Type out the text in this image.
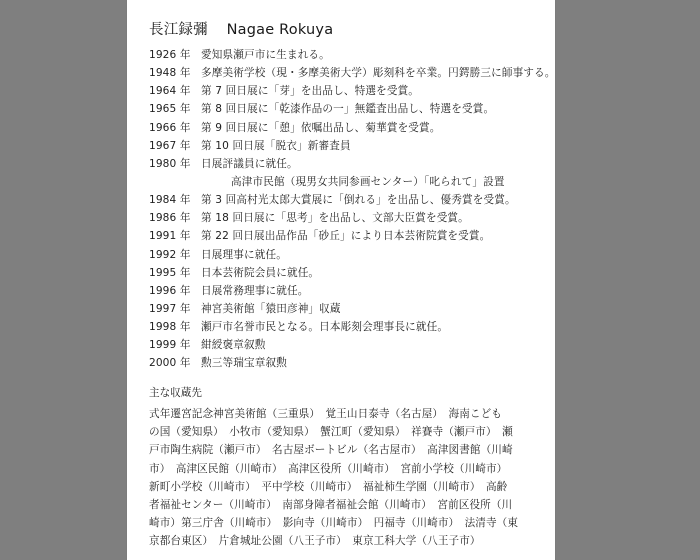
長江録彌 Nagae Rokuya
1926 年 愛知県瀬戸市に生まれる。
1948 年 多摩美術学校（現・多摩美術大学）彫刻科を卒業。円鍔勝三に師事する。
1964 年 第 7 回日展に「芽」を出品し、特選を受賞。
1965 年 第 8 回日展に「乾漆作品の一」無鑑査出品し、特選を受賞。
1966 年 第 9 回日展に「憩」依嘱出品し、菊華賞を受賞。
1967 年 第 10 回日展「脱衣」新審査員
1980 年 日展評議員に就任。
高津市民館（現男女共同参画センター）「叱られて」設置
1984 年 第 3 回高村光太郎大賞展に「倒れる」を出品し、優秀賞を受賞。
1986 年 第 18 回日展に「思考」を出品し、文部大臣賞を受賞。
1991 年 第 22 回日展出品作品「砂丘」により日本芸術院賞を受賞。
1992 年 日展理事に就任。
1995 年 日本芸術院会員に就任。
1996 年 日展常務理事に就任。
1997 年 神宮美術館「猿田彦神」収蔵
1998 年 瀬戸市名誉市民となる。日本彫刻会理事長に就任。
1999 年 紺綬褒章叙勲
2000 年 勲三等瑞宝章叙勲
主な収蔵先
式年遷宮記念神宮美術館（三重県）　覚王山日泰寺（名古屋）　海南こども
の国（愛知県）　小牧市（愛知県）　蟹江町（愛知県）　祥賽寺（瀬戸市）　瀬
戸市陶生病院（瀬戸市）　名古屋ボートビル（名古屋市）　高津図書館（川崎
市）　高津区民館（川崎市）　高津区役所（川崎市）　宮前小学校（川崎市）
新町小学校（川崎市）　平中学校（川崎市）　福祉柿生学園（川崎市）　高齢
者福祉センター（川崎市）　南部身障者福祉会館（川崎市）　宮前区役所（川
崎市）第三庁舎（川崎市）　影向寺（川崎市）　円福寺（川崎市）　法清寺（東
京都台東区）　片倉城址公園（八王子市）　東京工科大学（八王子市）
